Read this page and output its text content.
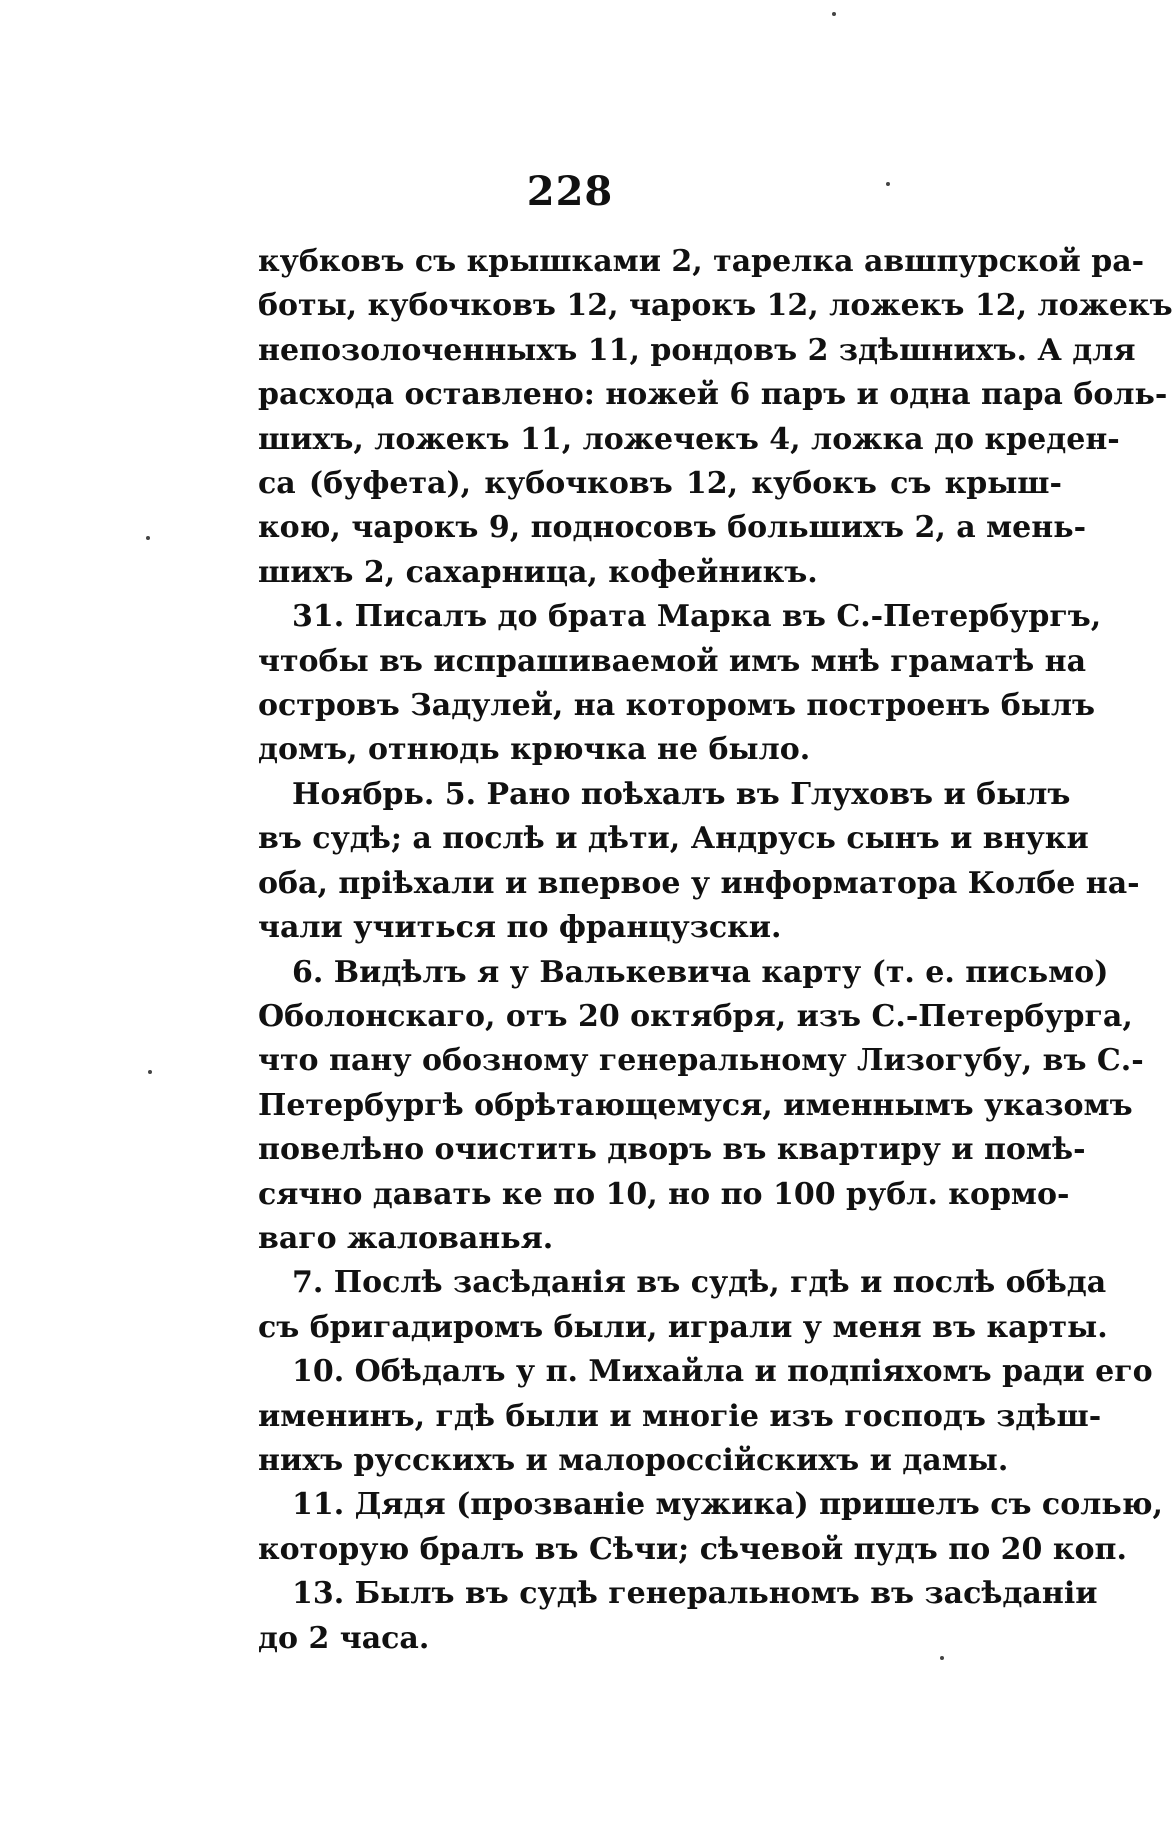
228

кубковъ съ крышками 2, тарелка авшпурской ра-
боты, кубочковъ 12, чарокъ 12, ложекъ 12, ложекъ
непозолоченныхъ 11, рондовъ 2 здѣшнихъ. А для
расхода оставлено: ножей 6 паръ и одна пара боль-
шихъ, ложекъ 11, ложечекъ 4, ложка до креден-
са (буфета), кубочковъ 12, кубокъ съ крыш-
кою, чарокъ 9, подносовъ большихъ 2, а мень-
шихъ 2, сахарница, кофейникъ.

31. Писалъ до брата Марка въ С.-Петербургъ,
чтобы въ испрашиваемой имъ мнѣ граматѣ на
островъ Задулей, на которомъ построенъ былъ
домъ, отнюдь крючка не было.

Ноябрь. 5. Рано поѣхалъ въ Глуховъ и былъ
въ судѣ; а послѣ и дѣти, Андрусь сынъ и внуки
оба, пріѣхали и впервое у информатора Колбе на-
чали учиться по французски.

6. Видѣлъ я у Валькевича карту (т. е. письмо)
Оболонскаго, отъ 20 октября, изъ С.-Петербурга,
что пану обозному генеральному Лизогубу, въ С.-
Петербургѣ обрѣтающемуся, именнымъ указомъ
повелѣно очистить дворъ въ квартиру и помѣ-
сячно давать ке по 10, но по 100 рубл. кормо-
ваго жалованья.

7. Послѣ засѣданія въ судѣ, гдѣ и послѣ обѣда
съ бригадиромъ были, играли у меня въ карты.

10. Обѣдалъ у п. Михайла и подпіяхомъ ради его
именинъ, гдѣ были и многіе изъ господъ здѣш-
нихъ русскихъ и малороссійскихъ и дамы.

11. Дядя (прозваніе мужика) пришелъ съ солью,
которую бралъ въ Сѣчи; сѣчевой пудъ по 20 коп.

13. Былъ въ судѣ генеральномъ въ засѣданіи
до 2 часа.
